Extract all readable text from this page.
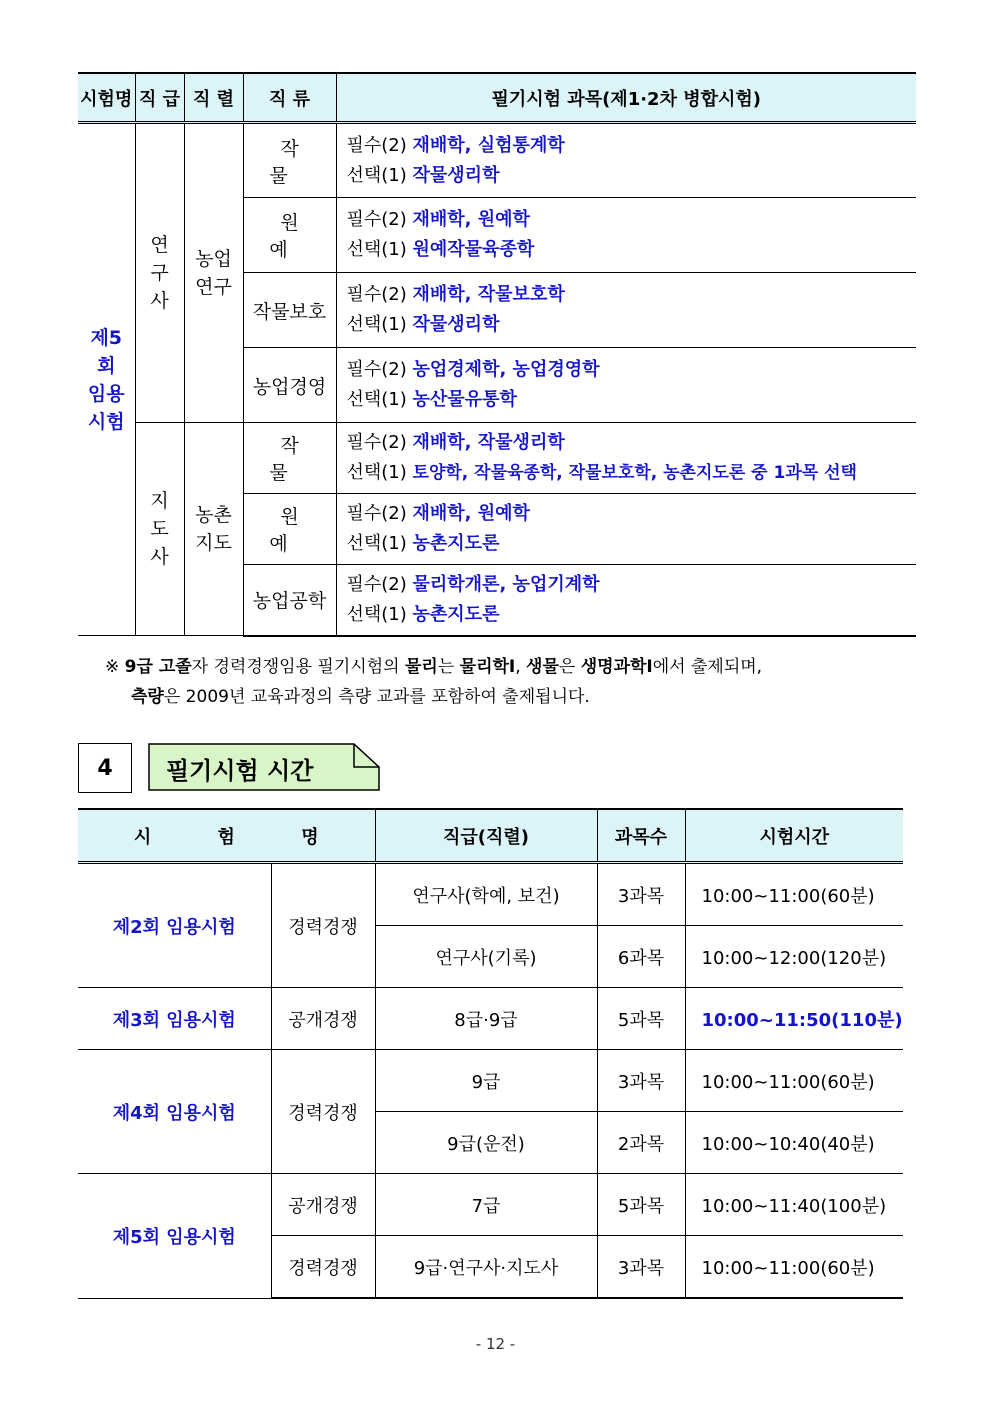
시험명	직 급	직 렬	직 류	필기시험 과목(제1·2차 병합시험)

제5회 임용시험	연구사	농업연구	작물	필수(2) 재배학, 실험통계학
선택(1) 작물생리학

			원예	필수(2) 재배학, 원예학
선택(1) 원예작물육종학

			작물보호	필수(2) 재배학, 작물보호학
선택(1) 작물생리학

			농업경영	필수(2) 농업경제학, 농업경영학
선택(1) 농산물유통학

	지도사	농촌지도	작물	필수(2) 재배학, 작물생리학
선택(1) 토양학, 작물육종학, 작물보호학, 농촌지도론 중 1과목 선택

			원예	필수(2) 재배학, 원예학
선택(1) 농촌지도론

			농업공학	필수(2) 물리학개론, 농업기계학
선택(1) 농촌지도론
※ 9급 고졸자 경력경쟁임용 필기시험의 물리는 물리학Ⅰ, 생물은 생명과학Ⅰ에서 출제되며,
측량은 2009년 교육과정의 측량 교과를 포함하여 출제됩니다.
4	필기시험 시간
시 험 명		직급(직렬)	과목수	시험시간
제2회 임용시험	경력경쟁	연구사(학예, 보건)	3과목	10:00~11:00(60분)
		연구사(기록)	6과목	10:00~12:00(120분)
제3회 임용시험	공개경쟁	8급·9급	5과목	10:00~11:50(110분)
제4회 임용시험	경력경쟁	9급	3과목	10:00~11:00(60분)
		9급(운전)	2과목	10:00~10:40(40분)
제5회 임용시험	공개경쟁	7급	5과목	10:00~11:40(100분)
	경력경쟁	9급·연구사·지도사	3과목	10:00~11:00(60분)
- 12 -
